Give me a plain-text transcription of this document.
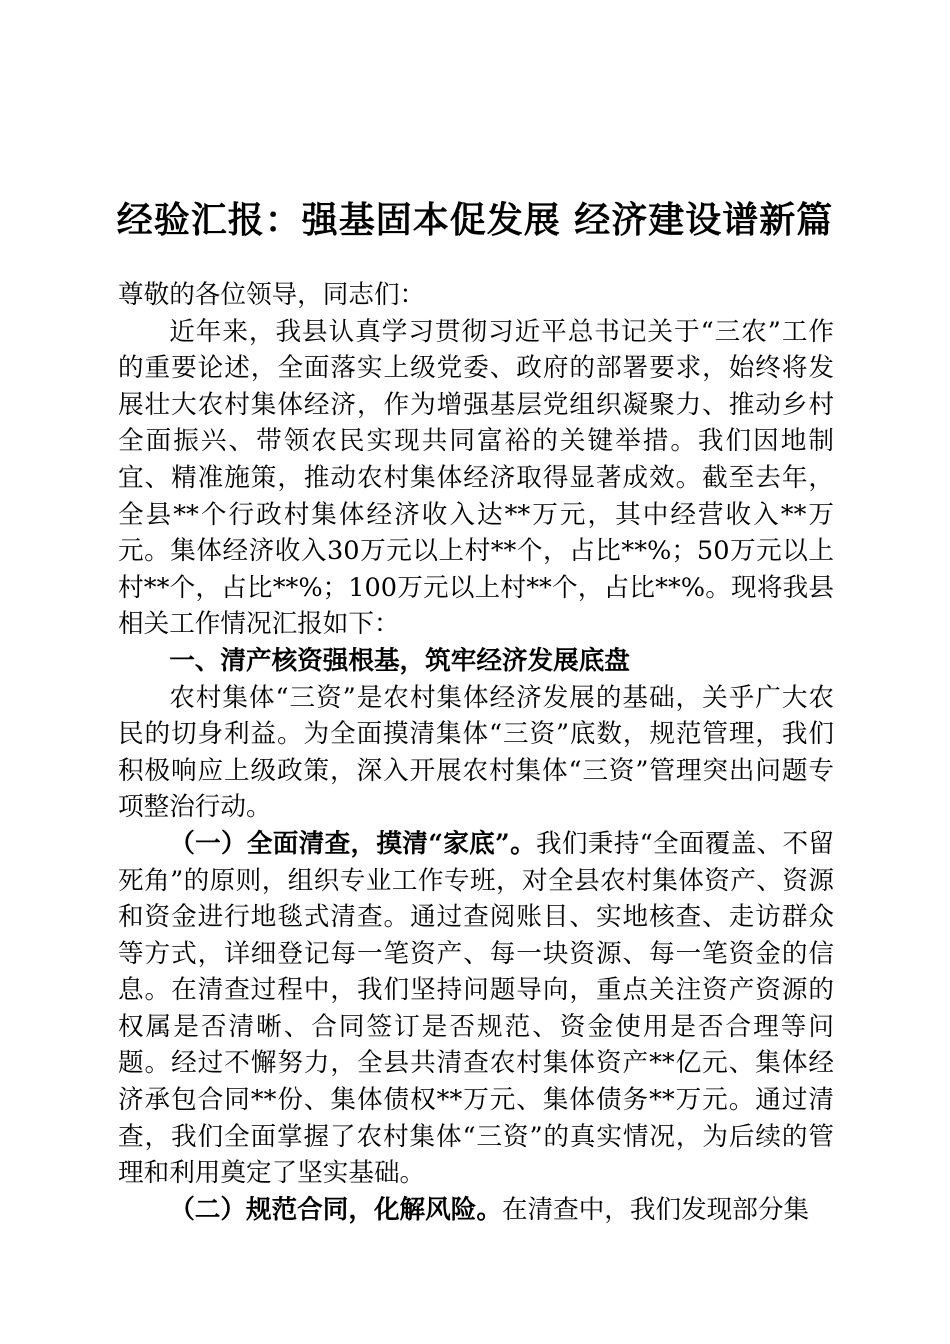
经验汇报：强基固本促发展 经济建设谱新篇

尊敬的各位领导，同志们：

近年来，我县认真学习贯彻习近平总书记关于“三农”工作的重要论述，全面落实上级党委、政府的部署要求，始终将发展壮大农村集体经济，作为增强基层党组织凝聚力、推动乡村全面振兴、带领农民实现共同富裕的关键举措。我们因地制宜、精准施策，推动农村集体经济取得显著成效。截至去年，全县**个行政村集体经济收入达**万元，其中经营收入**万元。集体经济收入30万元以上村**个，占比**%；50万元以上村**个，占比**%；100万元以上村**个，占比**%。现将我县相关工作情况汇报如下：

一、清产核资强根基，筑牢经济发展底盘

农村集体“三资”是农村集体经济发展的基础，关乎广大农民的切身利益。为全面摸清集体“三资”底数，规范管理，我们积极响应上级政策，深入开展农村集体“三资”管理突出问题专项整治行动。

（一）全面清查，摸清“家底”。我们秉持“全面覆盖、不留死角”的原则，组织专业工作专班，对全县农村集体资产、资源和资金进行地毯式清查。通过查阅账目、实地核查、走访群众等方式，详细登记每一笔资产、每一块资源、每一笔资金的信息。在清查过程中，我们坚持问题导向，重点关注资产资源的权属是否清晰、合同签订是否规范、资金使用是否合理等问题。经过不懈努力，全县共清查农村集体资产**亿元、集体经济承包合同**份、集体债权**万元、集体债务**万元。通过清查，我们全面掌握了农村集体“三资”的真实情况，为后续的管理和利用奠定了坚实基础。

（二）规范合同，化解风险。在清查中，我们发现部分集
